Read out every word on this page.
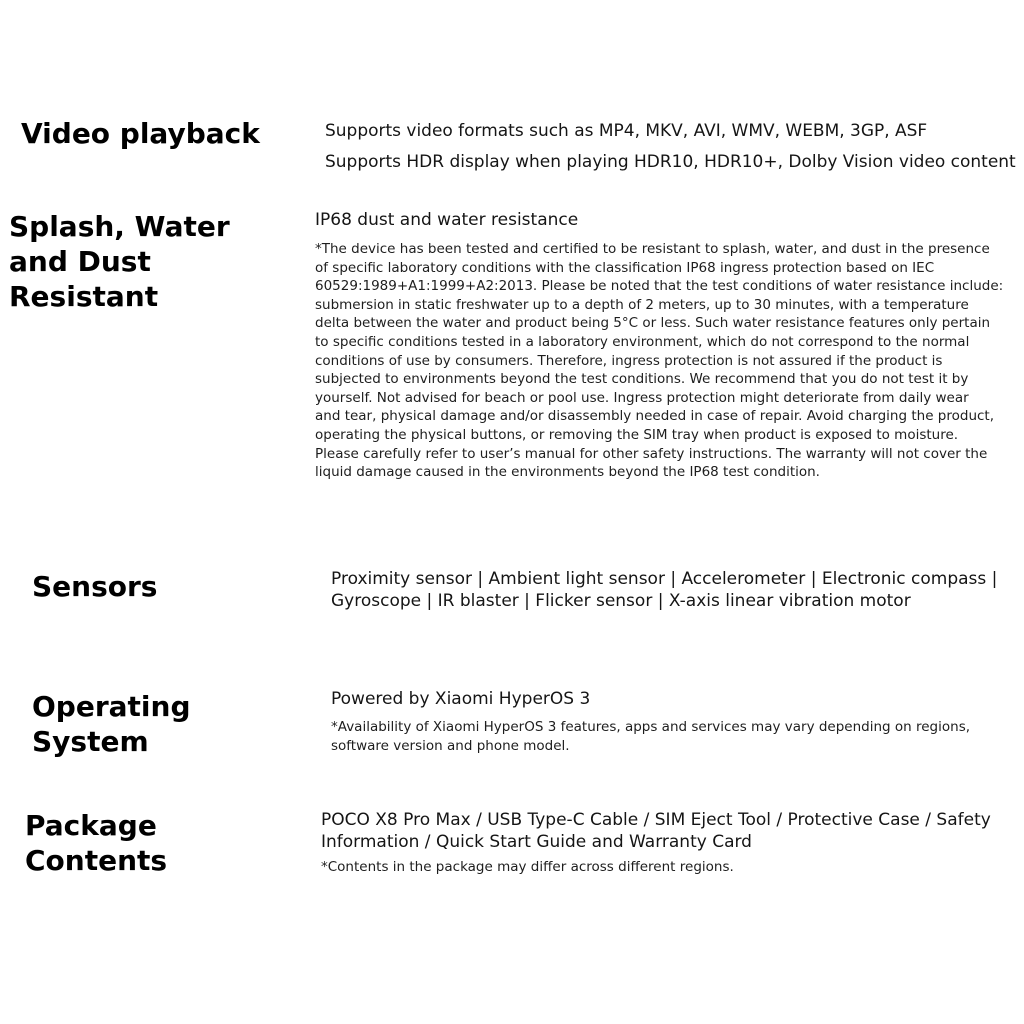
Video playback	Supports video formats such as MP4, MKV, AVI, WMV, WEBM, 3GP, ASF
Supports HDR display when playing HDR10, HDR10+, Dolby Vision video content
Splash, Water
and Dust
Resistant
IP68 dust and water resistance
*The device has been tested and certified to be resistant to splash, water, and dust in the presence
of specific laboratory conditions with the classification IP68 ingress protection based on IEC
60529:1989+A1:1999+A2:2013. Please be noted that the test conditions of water resistance include:
submersion in static freshwater up to a depth of 2 meters, up to 30 minutes, with a temperature
delta between the water and product being 5°C or less. Such water resistance features only pertain
to specific conditions tested in a laboratory environment, which do not correspond to the normal
conditions of use by consumers. Therefore, ingress protection is not assured if the product is
subjected to environments beyond the test conditions. We recommend that you do not test it by
yourself. Not advised for beach or pool use. Ingress protection might deteriorate from daily wear
and tear, physical damage and/or disassembly needed in case of repair. Avoid charging the product,
operating the physical buttons, or removing the SIM tray when product is exposed to moisture.
Please carefully refer to user’s manual for other safety instructions. The warranty will not cover the
liquid damage caused in the environments beyond the IP68 test condition.
Sensors	Proximity sensor | Ambient light sensor | Accelerometer | Electronic compass |
Gyroscope | IR blaster | Flicker sensor | X-axis linear vibration motor
Operating
System
Powered by Xiaomi HyperOS 3
*Availability of Xiaomi HyperOS 3 features, apps and services may vary depending on regions,
software version and phone model.
Package
Contents
POCO X8 Pro Max / USB Type-C Cable / SIM Eject Tool / Protective Case / Safety
Information / Quick Start Guide and Warranty Card
*Contents in the package may differ across different regions.
